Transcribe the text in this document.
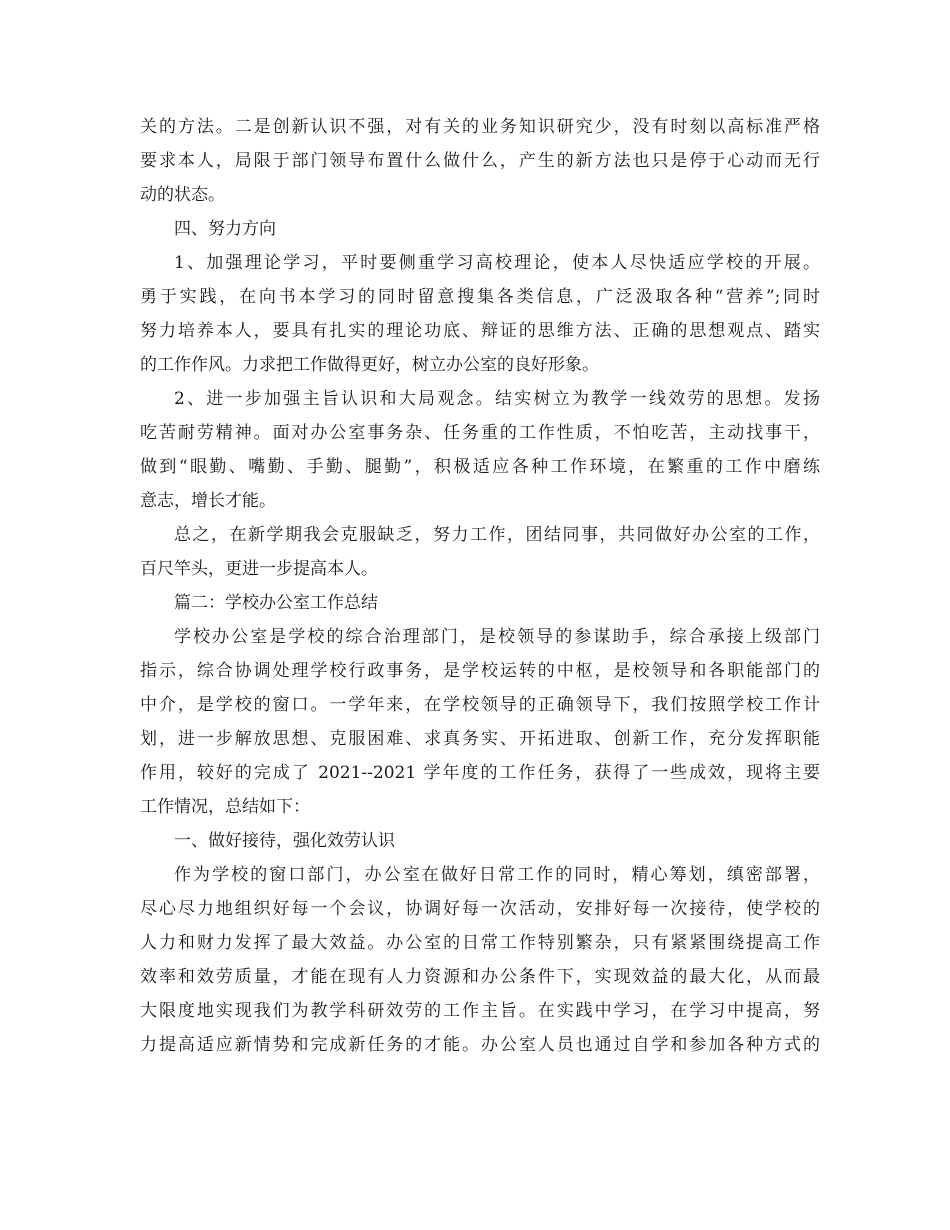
关的方法。二是创新认识不强，对有关的业务知识研究少，没有时刻以高标准严格
要求本人，局限于部门领导布置什么做什么，产生的新方法也只是停于心动而无行
动的状态。
四、努力方向
1、加强理论学习，平时要侧重学习高校理论，使本人尽快适应学校的开展。
勇于实践，在向书本学习的同时留意搜集各类信息，广泛汲取各种“营养”;同时
努力培养本人，要具有扎实的理论功底、辩证的思维方法、正确的思想观点、踏实
的工作作风。力求把工作做得更好，树立办公室的良好形象。
2、进一步加强主旨认识和大局观念。结实树立为教学一线效劳的思想。发扬
吃苦耐劳精神。面对办公室事务杂、任务重的工作性质，不怕吃苦，主动找事干，
做到“眼勤、嘴勤、手勤、腿勤”，积极适应各种工作环境，在繁重的工作中磨练
意志，增长才能。
总之，在新学期我会克服缺乏，努力工作，团结同事，共同做好办公室的工作，
百尺竿头，更进一步提高本人。
篇二：学校办公室工作总结
学校办公室是学校的综合治理部门，是校领导的参谋助手，综合承接上级部门
指示，综合协调处理学校行政事务，是学校运转的中枢，是校领导和各职能部门的
中介，是学校的窗口。一学年来，在学校领导的正确领导下，我们按照学校工作计
划，进一步解放思想、克服困难、求真务实、开拓进取、创新工作，充分发挥职能
作用，较好的完成了 2021--2021 学年度的工作任务，获得了一些成效，现将主要
工作情况，总结如下：
一、做好接待，强化效劳认识
作为学校的窗口部门，办公室在做好日常工作的同时，精心筹划，缜密部署，
尽心尽力地组织好每一个会议，协调好每一次活动，安排好每一次接待，使学校的
人力和财力发挥了最大效益。办公室的日常工作特别繁杂，只有紧紧围绕提高工作
效率和效劳质量，才能在现有人力资源和办公条件下，实现效益的最大化，从而最
大限度地实现我们为教学科研效劳的工作主旨。在实践中学习，在学习中提高，努
力提高适应新情势和完成新任务的才能。办公室人员也通过自学和参加各种方式的
